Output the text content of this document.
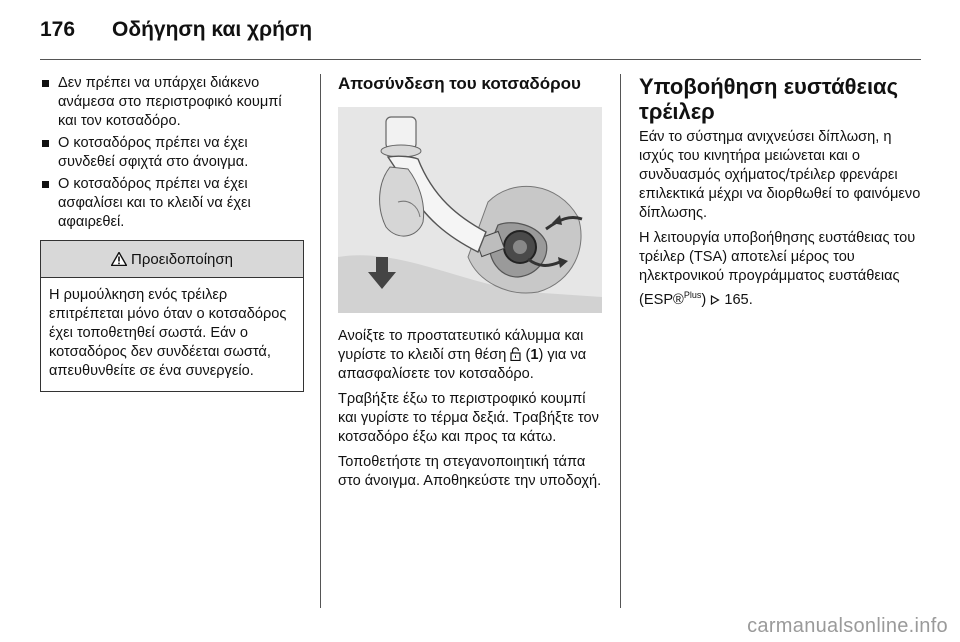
176 Οδήγηση και χρήση
Δεν πρέπει να υπάρχει διάκενο ανάμεσα στο περιστροφικό κουμπί και τον κοτσαδόρο.
Ο κοτσαδόρος πρέπει να έχει συνδεθεί σφιχτά στο άνοιγμα.
Ο κοτσαδόρος πρέπει να έχει ασφαλίσει και το κλειδί να έχει αφαιρεθεί.
Προειδοποίηση
Η ρυμούλκηση ενός τρέιλερ επιτρέπεται μόνο όταν ο κοτσαδόρος έχει τοποθετηθεί σωστά. Εάν ο κοτσαδόρος δεν συνδέεται σωστά, απευθυνθείτε σε ένα συνεργείο.
Αποσύνδεση του κοτσαδόρου

Ανοίξτε το προστατευτικό κάλυμμα και γυρίστε το κλειδί στη θέση  (1) για να απασφαλίσετε τον κοτσαδόρο.

Τραβήξτε έξω το περιστροφικό κουμπί και γυρίστε το τέρμα δεξιά. Τραβήξτε τον κοτσαδόρο έξω και προς τα κάτω.

Τοποθετήστε τη στεγανοποιητική τάπα στο άνοιγμα. Αποθηκεύστε την υποδοχή.

Υποβοήθηση ευστάθειας τρέιλερ

Εάν το σύστημα ανιχνεύσει δίπλωση, η ισχύς του κινητήρα μειώνεται και ο συνδυασμός οχήματος/τρέιλερ φρενάρει επιλεκτικά μέχρι να διορθωθεί το φαινόμενο δίπλωσης.

Η λειτουργία υποβοήθησης ευστάθειας του τρέιλερ (TSA) αποτελεί μέρος του ηλεκτρονικού προγράμματος ευστάθειας (ESP®$^{Plus}$)  165.

carmanualsonline.info
